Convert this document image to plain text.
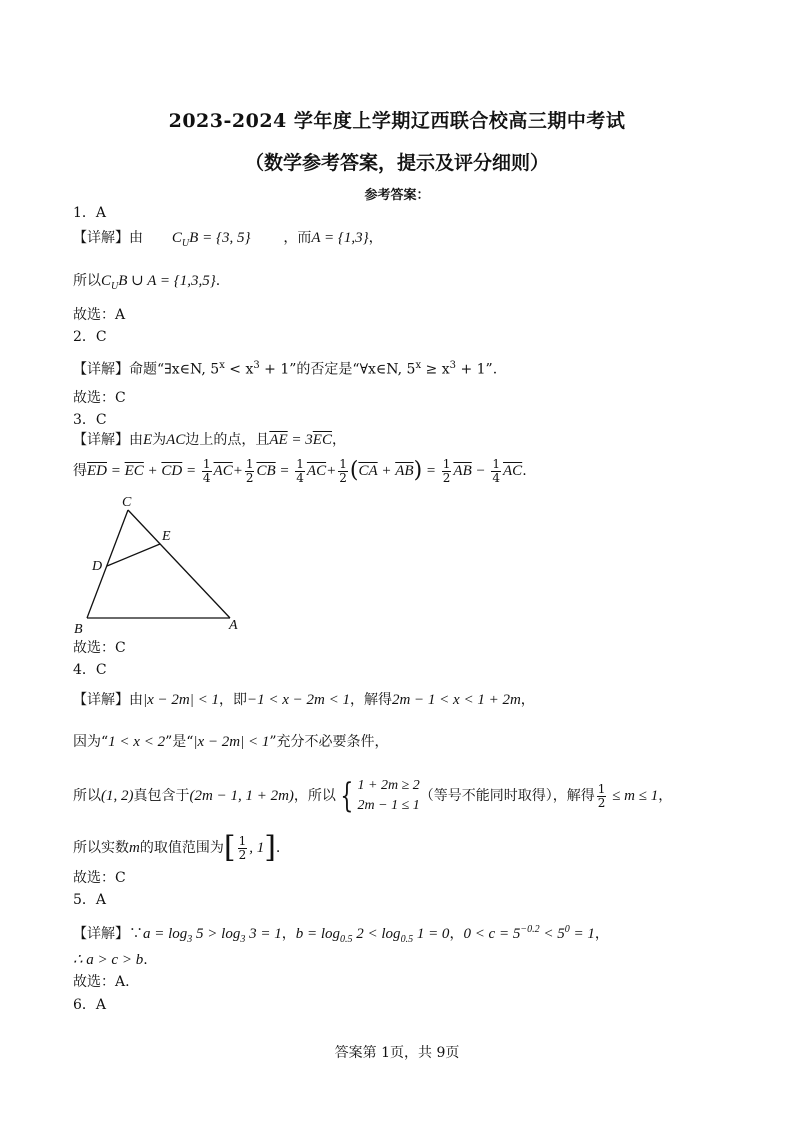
2023-2024 学年度上学期辽西联合校高三期中考试
（数学参考答案，提示及评分细则）
参考答案：
1．A
【详解】由 $C_UB = \{3$, 5} ，而A = {1,3}，
所以$C_UB$ ∪ A = {1,3,5}.
故选：A
2．C
【详解】命题“∃x∈N, $5^x < x^3 + 1$”的否定是“∀x∈N, $5^x \ge x^3 + 1$”.
故选：C
3．C
【详解】由E为AC边上的点，且$\overline{AE} = 3\overline{EC}$，
得$\overline{ED} = \overline{EC} + \overline{CD} = \frac{1}{4} \overline{AC}+ \frac{1}{2} \overline{CB} = \frac{1}{4} \overline{AC}+ \frac{1}{2} (\overline{CA} + \overline{AB}) = \frac{1}{2} \overline{AB} - \frac{1}{4} \overline{AC}$.
C
E
D
B	A
故选：C
4．C
【详解】由|x − 2m| < 1，即−1 < x − 2m < 1，解得2m − 1 < x < 1 + 2m，
因为“1 < x < 2”是“|x − 2m| < 1”充分不必要条件，
所以(1, 2)真包含于(2m − 1, 1 + 2m)，所以 { 1 + 2m ≥ 2
2m − 1 ≤ 1
（等号不能同时取得），解得 $\frac{1}{2} \le m \le 1$，
所以实数m的取值范围为[ $\frac{1}{2}$ , 1].
故选：C
5．A
【详解】∵a = $\log_3 5 > \log_3 3 = 1$，$b = \log_{0.5} 2 < \log_{0.5} 1 = 0$，$0 < c = 5^{-0.2} < 5^0 = 1$，
∴ a > c > b.
故选：A.
6．A
答案第 1页，共 9页
